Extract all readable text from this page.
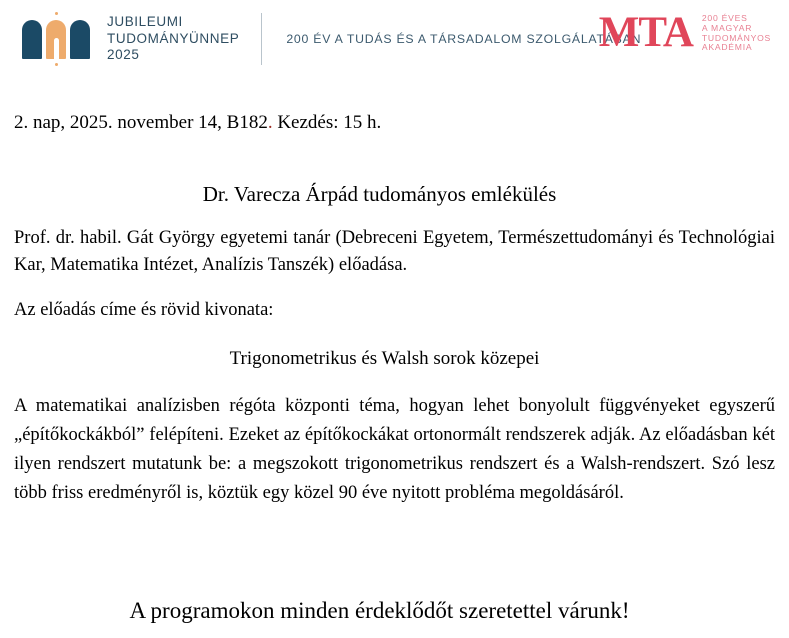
JUBILEUMI
TUDOMÁNYÜNNEP
2025
200 ÉV A TUDÁS ÉS A TÁRSADALOM SZOLGÁLATÁBAN
MTA 200 ÉVES
A MAGYAR
TUDOMÁNYOS
AKADÉMIA
2. nap, 2025. november 14, B182. Kezdés: 15 h.
Dr. Varecza Árpád tudományos emlékülés
Prof. dr. habil. Gát György egyetemi tanár (Debreceni Egyetem, Természettudományi és Technológiai Kar, Matematika Intézet, Analízis Tanszék) előadása.
Az előadás címe és rövid kivonata:
Trigonometrikus és Walsh sorok közepei
A matematikai analízisben régóta központi téma, hogyan lehet bonyolult függvényeket egyszerű „építőkockákból” felépíteni. Ezeket az építőkockákat ortonormált rendszerek adják. Az előadásban két ilyen rendszert mutatunk be: a megszokott trigonometrikus rendszert és a Walsh-rendszert. Szó lesz több friss eredményről is, köztük egy közel 90 éve nyitott probléma megoldásáról.
A programokon minden érdeklődőt szeretettel várunk!
